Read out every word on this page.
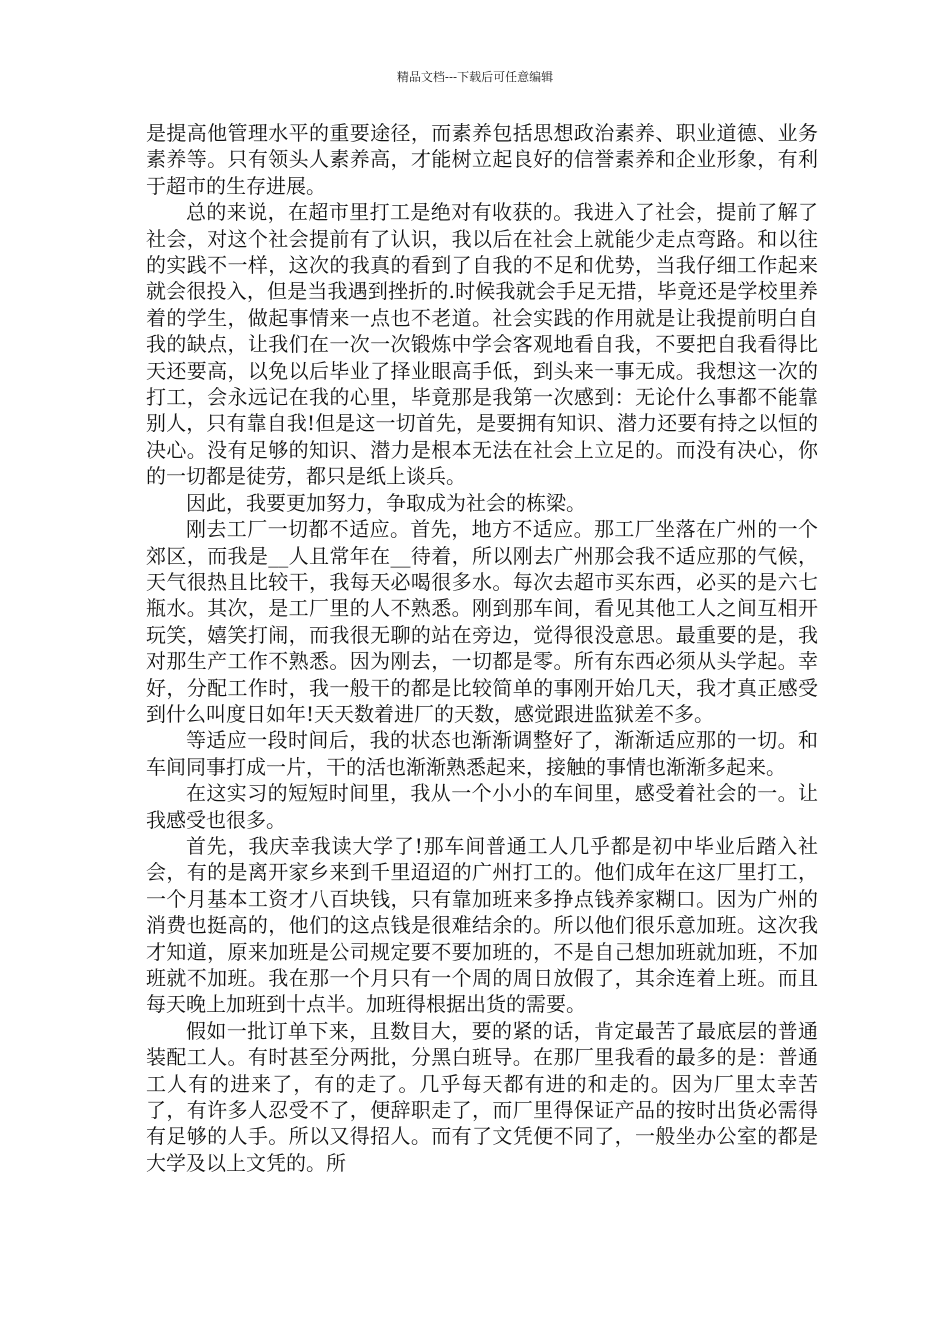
精品文档---下载后可任意编辑

是提高他管理水平的重要途径，而素养包括思想政治素养、职业道德、业务素养等。只有领头人素养高，才能树立起良好的信誉素养和企业形象，有利于超市的生存进展。

总的来说，在超市里打工是绝对有收获的。我进入了社会，提前了解了社会，对这个社会提前有了认识，我以后在社会上就能少走点弯路。和以往的实践不一样，这次的我真的看到了自我的不足和优势，当我仔细工作起来就会很投入，但是当我遇到挫折的.时候我就会手足无措，毕竟还是学校里养着的学生，做起事情来一点也不老道。社会实践的作用就是让我提前明白自我的缺点，让我们在一次一次锻炼中学会客观地看自我，不要把自我看得比天还要高，以免以后毕业了择业眼高手低，到头来一事无成。我想这一次的打工，会永远记在我的心里，毕竟那是我第一次感到：无论什么事都不能靠别人，只有靠自我!但是这一切首先，是要拥有知识、潜力还要有持之以恒的决心。没有足够的知识、潜力是根本无法在社会上立足的。而没有决心，你的一切都是徒劳，都只是纸上谈兵。

因此，我要更加努力，争取成为社会的栋梁。

刚去工厂一切都不适应。首先，地方不适应。那工厂坐落在广州的一个郊区，而我是__人且常年在__待着，所以刚去广州那会我不适应那的气候，天气很热且比较干，我每天必喝很多水。每次去超市买东西，必买的是六七瓶水。其次，是工厂里的人不熟悉。刚到那车间，看见其他工人之间互相开玩笑，嬉笑打闹，而我很无聊的站在旁边，觉得很没意思。最重要的是，我对那生产工作不熟悉。因为刚去，一切都是零。所有东西必须从头学起。幸好，分配工作时，我一般干的都是比较简单的事刚开始几天，我才真正感受到什么叫度日如年!天天数着进厂的天数，感觉跟进监狱差不多。

等适应一段时间后，我的状态也渐渐调整好了，渐渐适应那的一切。和车间同事打成一片，干的活也渐渐熟悉起来，接触的事情也渐渐多起来。

在这实习的短短时间里，我从一个小小的车间里，感受着社会的一。让我感受也很多。

首先，我庆幸我读大学了!那车间普通工人几乎都是初中毕业后踏入社会，有的是离开家乡来到千里迢迢的广州打工的。他们成年在这厂里打工，一个月基本工资才八百块钱，只有靠加班来多挣点钱养家糊口。因为广州的消费也挺高的，他们的这点钱是很难结余的。所以他们很乐意加班。这次我才知道，原来加班是公司规定要不要加班的，不是自己想加班就加班，不加班就不加班。我在那一个月只有一个周的周日放假了，其余连着上班。而且每天晚上加班到十点半。加班得根据出货的需要。

假如一批订单下来，且数目大，要的紧的话，肯定最苦了最底层的普通装配工人。有时甚至分两批，分黑白班导。在那厂里我看的最多的是：普通工人有的进来了，有的走了。几乎每天都有进的和走的。因为厂里太幸苦了，有许多人忍受不了，便辞职走了，而厂里得保证产品的按时出货必需得有足够的人手。所以又得招人。而有了文凭便不同了，一般坐办公室的都是大学及以上文凭的。所
